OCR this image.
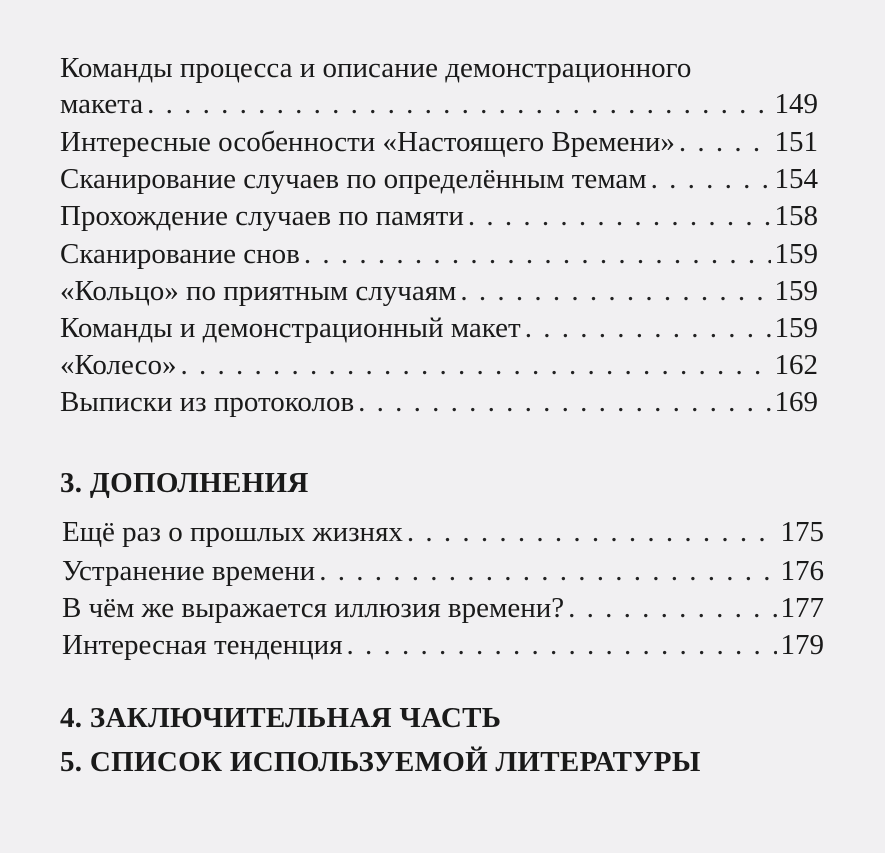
Команды процесса и описание демонстрационного
макета . . .	149
Интересные особенности «Настоящего Времени» . . .	151
Сканирование случаев по определённым темам . . .	154
Прохождение случаев по памяти . . .	158
Сканирование снов . . .	159
«Кольцо» по приятным случаям . . .	159
Команды и демонстрационный макет . . .	159
«Колесо» . . .	162
Выписки из протоколов . . .	169
3. ДОПОЛНЕНИЯ
Ещё раз о прошлых жизнях . . .	175
Устранение времени . . .	176
В чём же выражается иллюзия времени? . . .	177
Интересная тенденция . . .	179
4. ЗАКЛЮЧИТЕЛЬНАЯ ЧАСТЬ
5. СПИСОК ИСПОЛЬЗУЕМОЙ ЛИТЕРАТУРЫ
